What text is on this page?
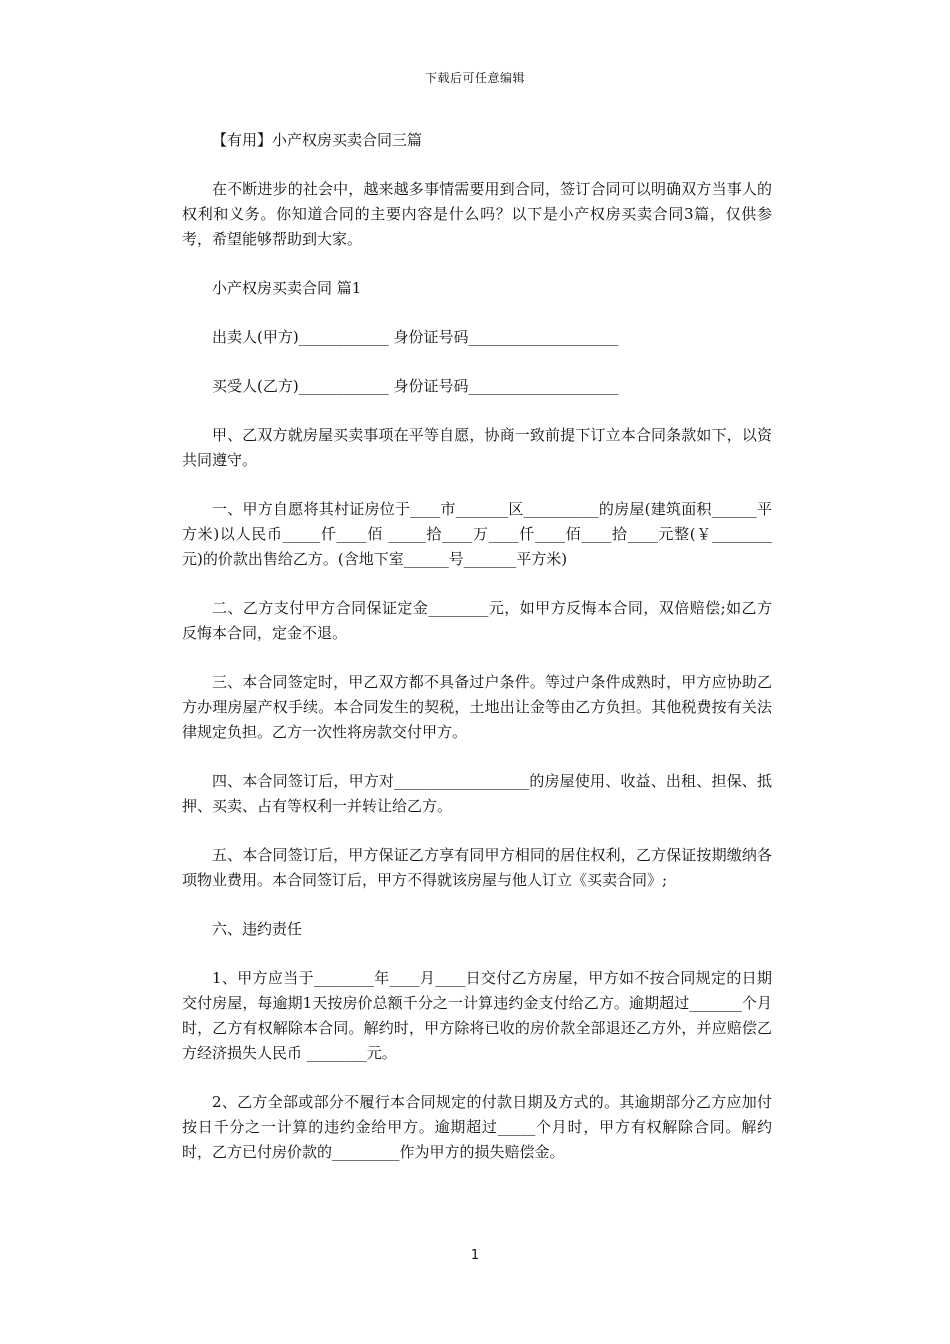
下载后可任意编辑

【有用】小产权房买卖合同三篇

在不断进步的社会中，越来越多事情需要用到合同，签订合同可以明确双方当事人的权利和义务。你知道合同的主要内容是什么吗？以下是小产权房买卖合同3篇，仅供参考，希望能够帮助到大家。

小产权房买卖合同 篇1

出卖人(甲方)____________ 身份证号码____________________

买受人(乙方)____________ 身份证号码____________________

甲、乙双方就房屋买卖事项在平等自愿，协商一致前提下订立本合同条款如下，以资共同遵守。

一、甲方自愿将其村证房位于____市_______区__________的房屋(建筑面积______平方米)以人民币_____仟____佰 _____拾____万____仟____佰____拾____元整(￥________ 元)的价款出售给乙方。(含地下室______号_______平方米)

二、乙方支付甲方合同保证定金________元，如甲方反悔本合同，双倍赔偿;如乙方反悔本合同，定金不退。

三、本合同签定时，甲乙双方都不具备过户条件。等过户条件成熟时，甲方应协助乙方办理房屋产权手续。本合同发生的契税，土地出让金等由乙方负担。其他税费按有关法律规定负担。乙方一次性将房款交付甲方。

四、本合同签订后，甲方对__________________的房屋使用、收益、出租、担保、抵押、买卖、占有等权利一并转让给乙方。

五、本合同签订后，甲方保证乙方享有同甲方相同的居住权利，乙方保证按期缴纳各项物业费用。本合同签订后，甲方不得就该房屋与他人订立《买卖合同》;

六、违约责任

1、甲方应当于________年____月____日交付乙方房屋，甲方如不按合同规定的日期交付房屋，每逾期1天按房价总额千分之一计算违约金支付给乙方。逾期超过_______个月时，乙方有权解除本合同。解约时，甲方除将已收的房价款全部退还乙方外，并应赔偿乙方经济损失人民币 ________元。

2、乙方全部或部分不履行本合同规定的付款日期及方式的。其逾期部分乙方应加付按日千分之一计算的违约金给甲方。逾期超过_____个月时，甲方有权解除合同。解约时，乙方已付房价款的_________作为甲方的损失赔偿金。

1
